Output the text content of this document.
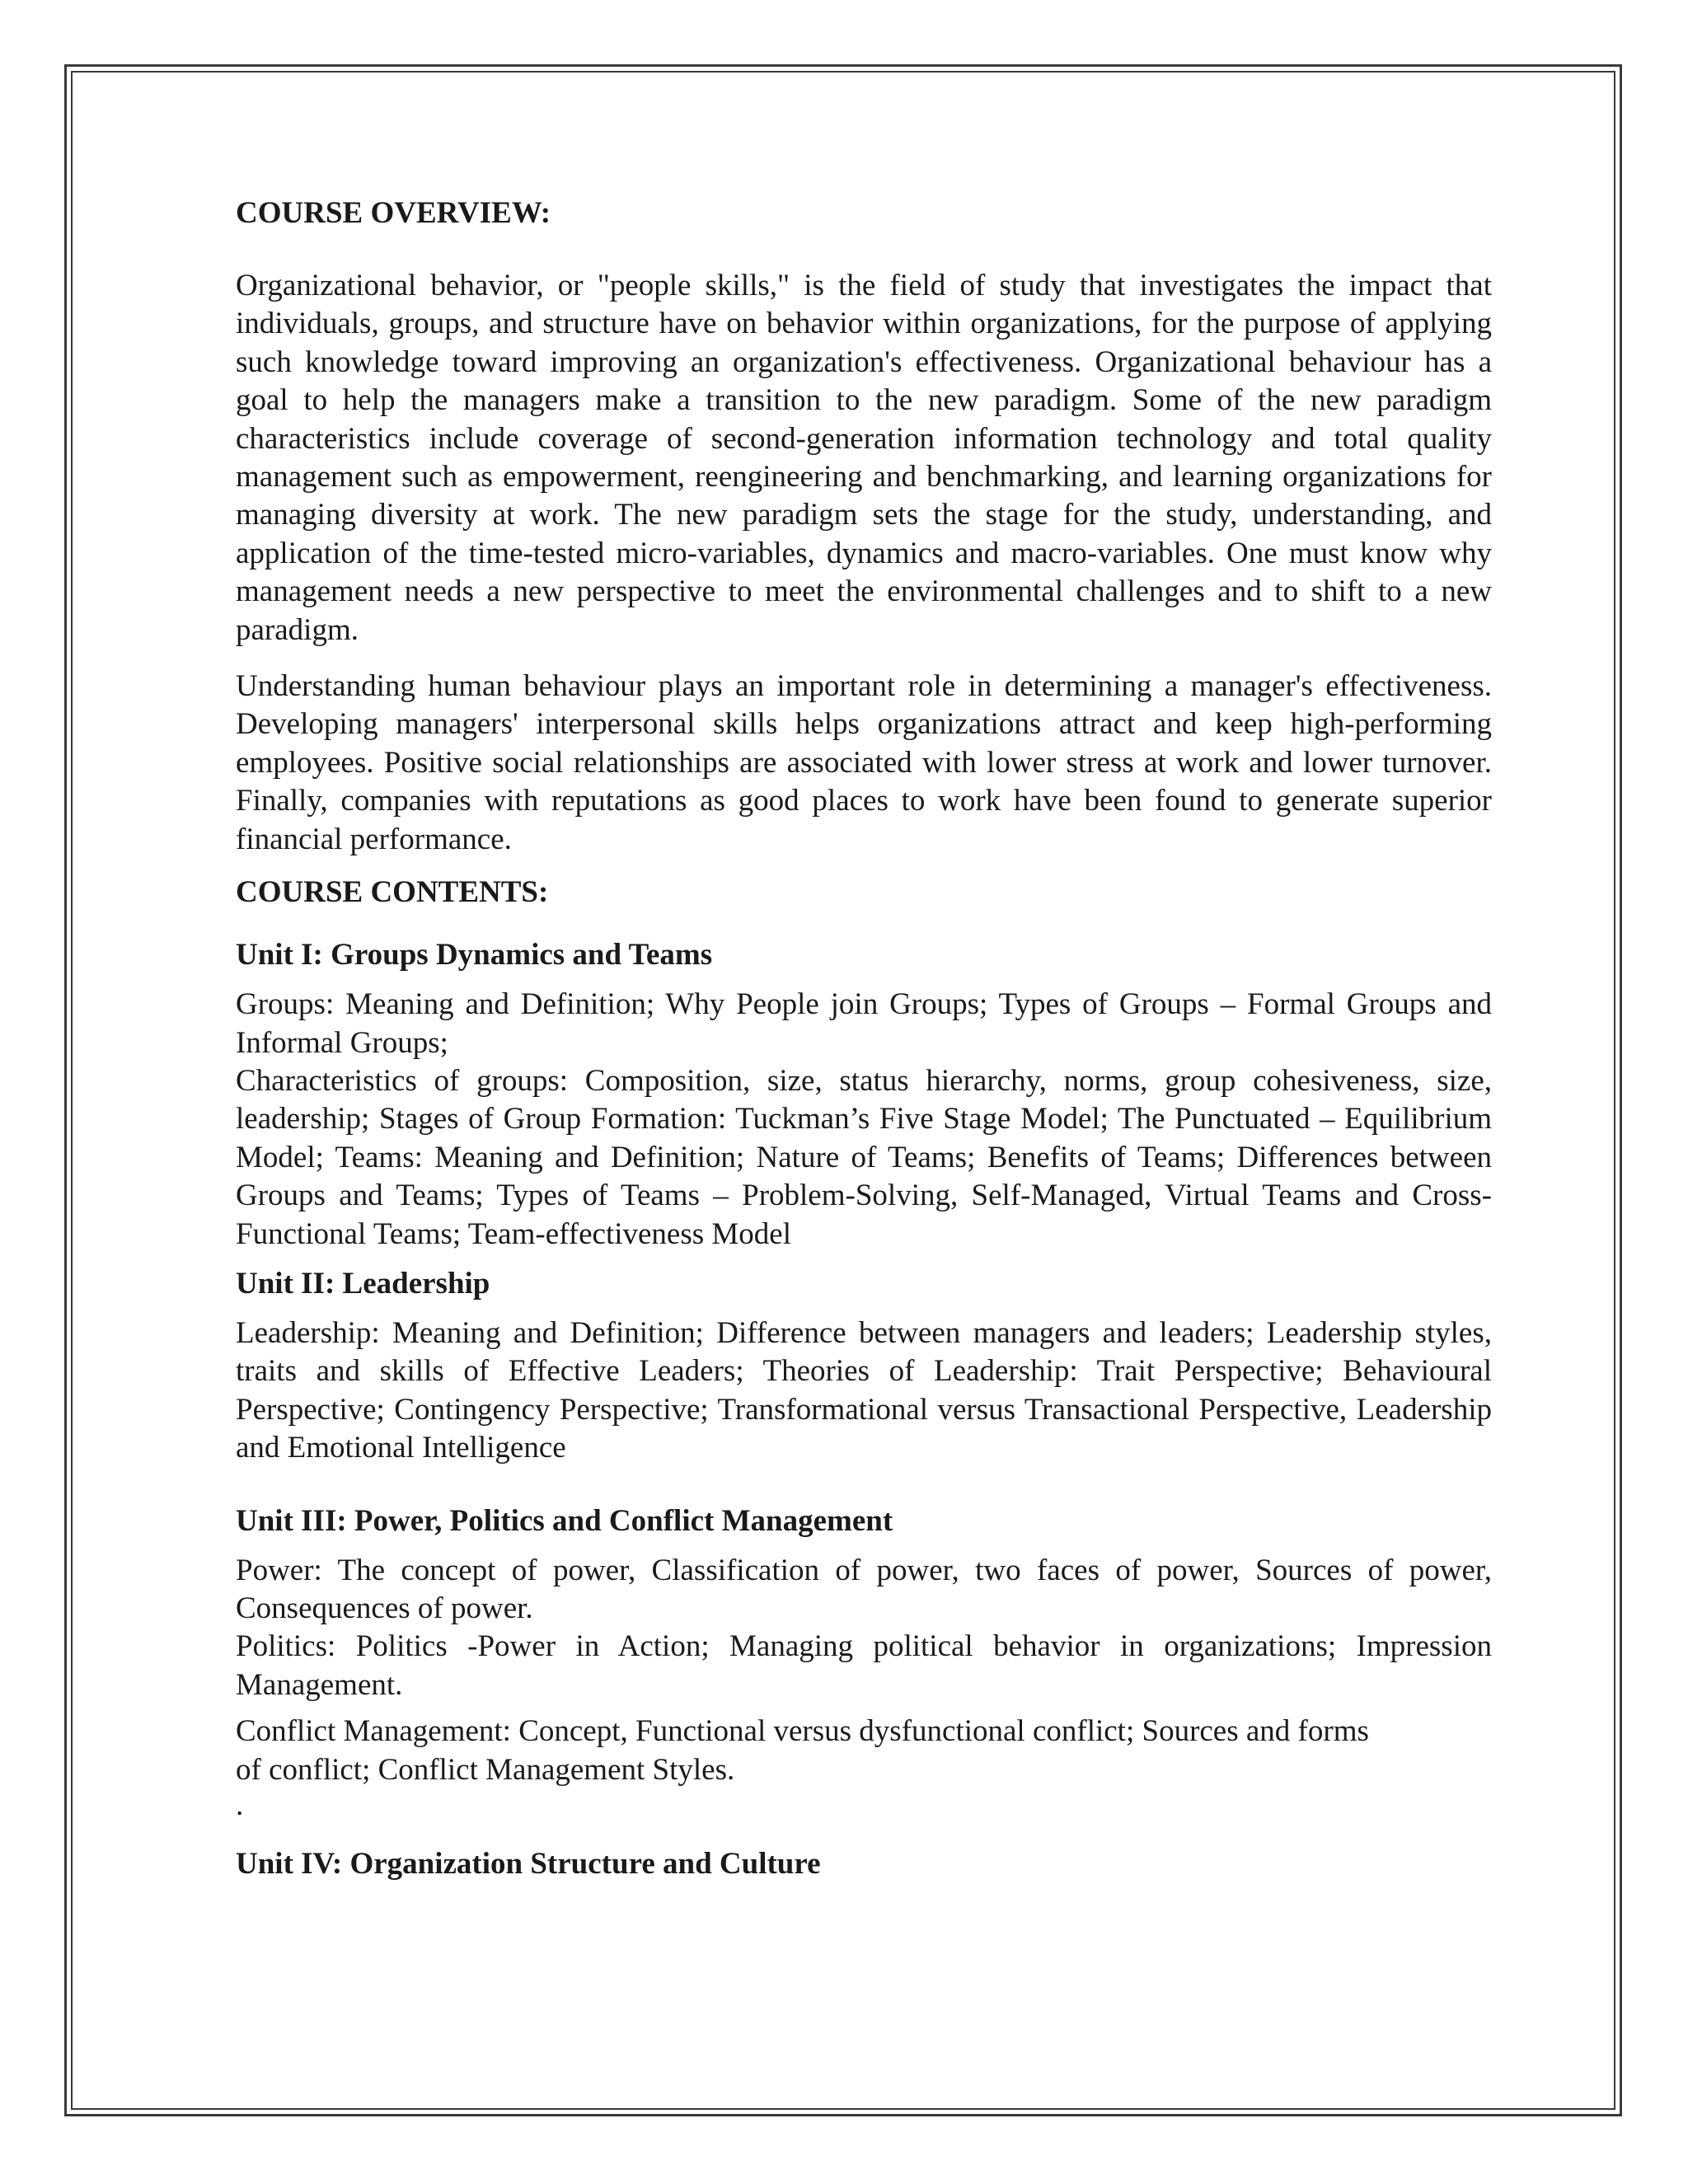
COURSE OVERVIEW:

Organizational behavior, or "people skills," is the field of study that investigates the impact that individuals, groups, and structure have on behavior within organizations, for the purpose of applying such knowledge toward improving an organization's effectiveness. Organizational behaviour has a goal to help the managers make a transition to the new paradigm. Some of the new paradigm characteristics include coverage of second-generation information technology and total quality management such as empowerment, reengineering and benchmarking, and learning organizations for managing diversity at work. The new paradigm sets the stage for the study, understanding, and application of the time-tested micro-variables, dynamics and macro-variables. One must know why management needs a new perspective to meet the environmental challenges and to shift to a new paradigm.

Understanding human behaviour plays an important role in determining a manager's effectiveness. Developing managers' interpersonal skills helps organizations attract and keep high-performing employees. Positive social relationships are associated with lower stress at work and lower turnover. Finally, companies with reputations as good places to work have been found to generate superior financial performance.

COURSE CONTENTS:

Unit I: Groups Dynamics and Teams

Groups: Meaning and Definition; Why People join Groups; Types of Groups – Formal Groups and Informal Groups;

Characteristics of groups: Composition, size, status hierarchy, norms, group cohesiveness, size, leadership; Stages of Group Formation: Tuckman’s Five Stage Model; The Punctuated – Equilibrium Model; Teams: Meaning and Definition; Nature of Teams; Benefits of Teams; Differences between Groups and Teams; Types of Teams – Problem-Solving, Self-Managed, Virtual Teams and Cross-Functional Teams; Team-effectiveness Model

Unit II: Leadership

Leadership: Meaning and Definition; Difference between managers and leaders; Leadership styles, traits and skills of Effective Leaders; Theories of Leadership: Trait Perspective; Behavioural Perspective; Contingency Perspective; Transformational versus Transactional Perspective, Leadership and Emotional Intelligence

Unit III: Power, Politics and Conflict Management

Power: The concept of power, Classification of power, two faces of power, Sources of power, Consequences of power.

Politics: Politics -Power in Action; Managing political behavior in organizations; Impression Management.

Conflict Management: Concept, Functional versus dysfunctional conflict; Sources and forms

of conflict; Conflict Management Styles.

.

Unit IV: Organization Structure and Culture
